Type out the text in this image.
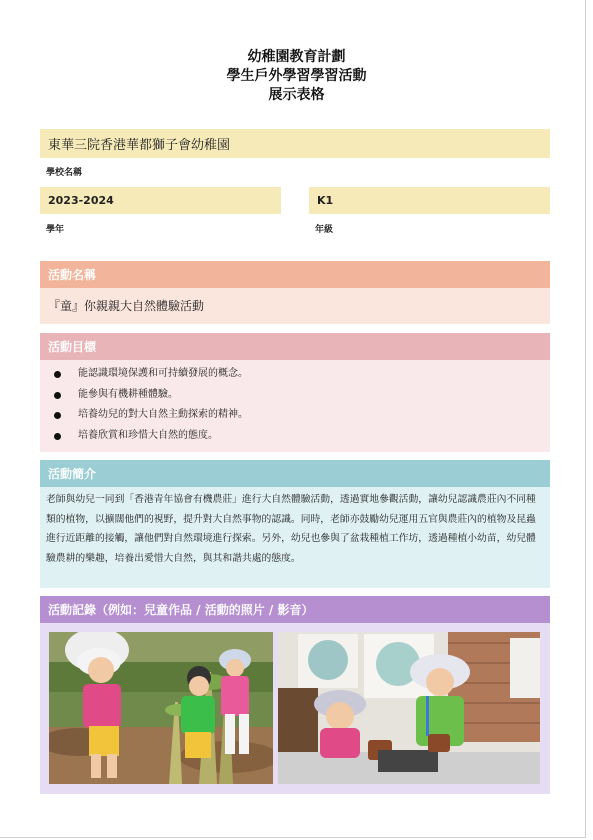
幼稚園教育計劃
學生戶外學習學習活動
展示表格
東華三院香港華都獅子會幼稚園
學校名稱
2023-2024
學年
K1
年級
活動名稱
『童』你親親大自然體驗活動
活動目標
能認識環境保護和可持續發展的概念。
能參與有機耕種體驗。
培養幼兒的對大自然主動探索的精神。
培養欣賞和珍惜大自然的態度。
活動簡介
老師與幼兒一同到「香港青年協會有機農莊」進行大自然體驗活動，透過實地參觀活動，讓幼兒認識農莊內不同種類的植物，以擴闊他們的視野，提升對大自然事物的認識。同時，老師亦鼓勵幼兒運用五官與農莊內的植物及昆蟲進行近距離的接觸，讓他們對自然環境進行探索。另外，幼兒也參與了盆栽種植工作坊，透過種植小幼苗，幼兒體驗農耕的樂趣，培養出愛惜大自然，與其和諧共處的態度。
活動記錄（例如：兒童作品 / 活動的照片 / 影音）
